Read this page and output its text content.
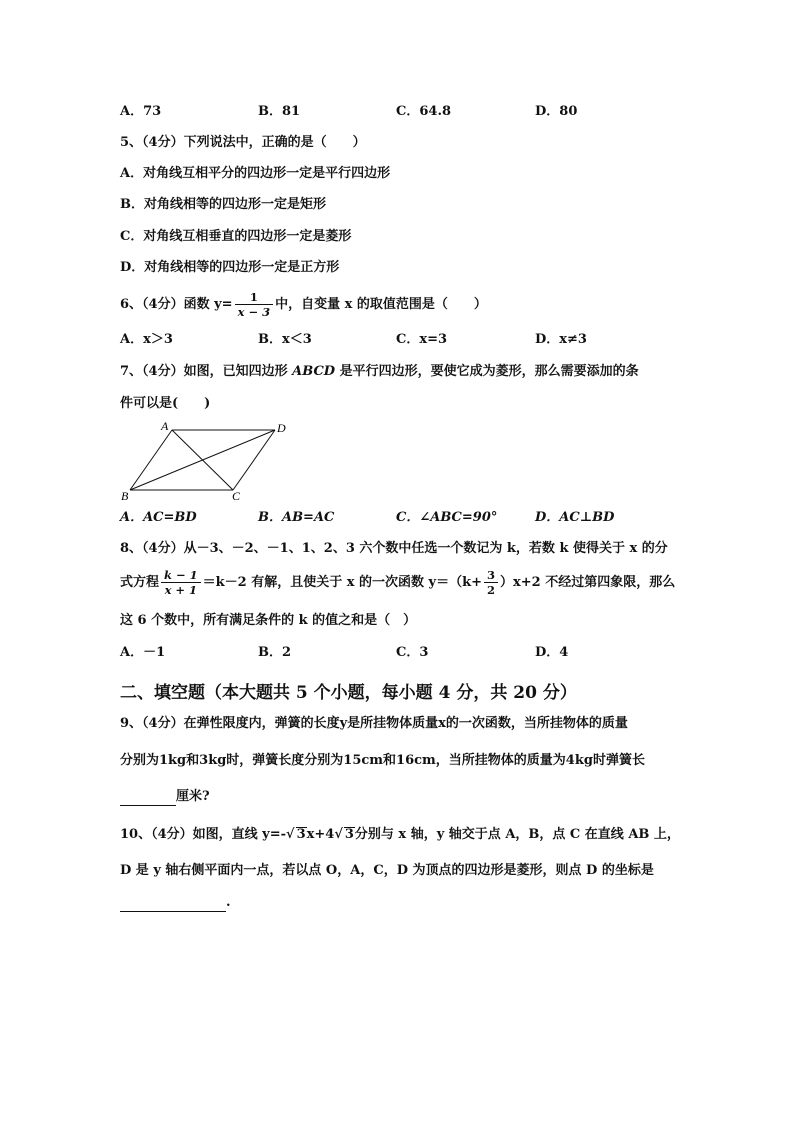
A．73	B．81	C．64.8	D．80
5、（4分）下列说法中，正确的是（　　）
A．对角线互相平分的四边形一定是平行四边形
B．对角线相等的四边形一定是矩形
C．对角线互相垂直的四边形一定是菱形
D．对角线相等的四边形一定是正方形
6、（4分）函数 $y= \frac{1}{x - 3}$ 中，自变量 x 的取值范围是（　　）
A．x＞3	B．x＜3	C．x=3	D．x≠3
7、（4分）如图，已知四边形 ABCD 是平行四边形，要使它成为菱形，那么需要添加的条
件可以是(　　)
A	D
B	C
A．AC=BD	B．AB=AC	C．∠ABC=90°	D．AC⊥BD
8、（4分）从－3、－2、－1、1、2、3 六个数中任选一个数记为 k，若数 k 使得关于 x 的分
式方程 $\frac{k - 1}{x + 1} =k-2$ 有解，且使关于 x 的一次函数 $y=(k+ \frac{3}{2} )x+2$ 不经过第四象限，那么
这 6 个数中，所有满足条件的 k 的值之和是（　）
A．－1	B．2	C．3	D．4
二、填空题（本大题共 5 个小题，每小题 4 分，共 20 分）
9、（4分）在弹性限度内，弹簧的长度y是所挂物体质量x的一次函数，当所挂物体的质量
分别为1kg和3kg时，弹簧长度分别为15cm和16cm，当所挂物体的质量为4kg时弹簧长
厘米?
10、（4分）如图，直线 y=-√ 3x+4√ 3分别与 x 轴，y 轴交于点 A，B，点 C 在直线 AB 上，
D 是 y 轴右侧平面内一点，若以点 O，A，C，D 为顶点的四边形是菱形，则点 D 的坐标是
.
